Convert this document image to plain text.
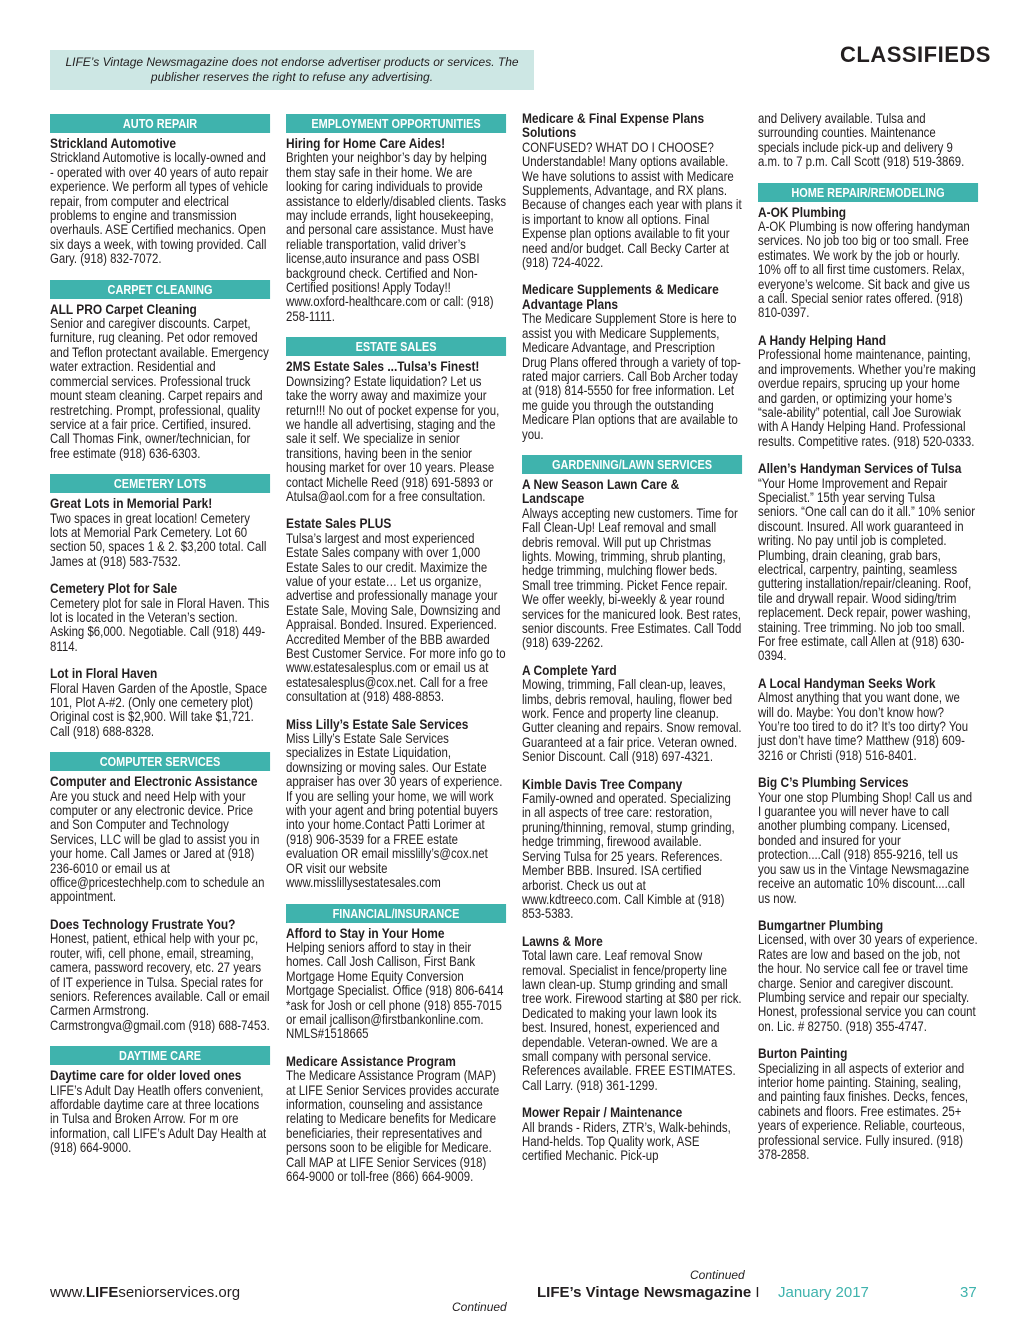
LIFE’s Vintage Newsmagazine does not endorse advertiser products or services. The publisher reserves the right to refuse any advertising.
CLASSIFIEDS
AUTO REPAIR
Strickland Automotive
Strickland Automotive is locally-owned and - operated with over 40 years of auto repair experience. We perform all types of vehicle repair, from computer and electrical problems to engine and transmission overhauls. ASE Certified mechanics. Open six days a week, with towing provided. Call Gary. (918) 832-7072.
CARPET CLEANING
ALL PRO Carpet Cleaning
Senior and caregiver discounts. Carpet, furniture, rug cleaning. Pet odor removed and Teflon protectant available. Emergency water extraction. Residential and commercial services. Professional truck mount steam cleaning. Carpet repairs and restretching. Prompt, professional, quality service at a fair price. Certified, insured. Call Thomas Fink, owner/technician, for free estimate (918) 636-6303.
CEMETERY LOTS
Great Lots in Memorial Park!
Two spaces in great location! Cemetery lots at Memorial Park Cemetery. Lot 60 section 50, spaces 1 & 2. $3,200 total. Call James at (918) 583-7532.
Cemetery Plot for Sale
Cemetery plot for sale in Floral Haven. This lot is located in the Veteran’s section. Asking $6,000. Negotiable. Call (918) 449-8114.
Lot in Floral Haven
Floral Haven Garden of the Apostle, Space 101, Plot A-#2. (Only one cemetery plot) Original cost is $2,900. Will take $1,721. Call (918) 688-8328.
COMPUTER SERVICES
Computer and Electronic Assistance
Are you stuck and need Help with your computer or any electronic device. Price and Son Computer and Technology Services, LLC will be glad to assist you in your home. Call James or Jared at (918) 236-6010 or email us at office@pricestechhelp.com to schedule an appointment.
Does Technology Frustrate You?
Honest, patient, ethical help with your pc, router, wifi, cell phone, email, streaming, camera, password recovery, etc. 27 years of IT experience in Tulsa. Special rates for seniors. References available. Call or email Carmen Armstrong. Carmstrongva@gmail.com (918) 688-7453.
DAYTIME CARE
Daytime care for older loved ones
LIFE’s Adult Day Heatlh offers convenient, affordable daytime care at three locations in Tulsa and Broken Arrow. For m ore information, call LIFE’s Adult Day Health at (918) 664-9000.
EMPLOYMENT OPPORTUNITIES
Hiring for Home Care Aides!
Brighten your neighbor’s day by helping them stay safe in their home. We are looking for caring individuals to provide assistance to elderly/disabled clients. Tasks may include errands, light housekeeping, and personal care assistance. Must have reliable transportation, valid driver’s license,auto insurance and pass OSBI background check. Certified and Non-Certified positions! Apply Today!! www.oxford-healthcare.com or call: (918) 258-1111.
ESTATE SALES
2MS Estate Sales ...Tulsa’s Finest!
Downsizing? Estate liquidation? Let us take the worry away and maximize your return!!! No out of pocket expense for you, we handle all advertising, staging and the sale it self. We specialize in senior transitions, having been in the senior housing market for over 10 years. Please contact Michelle Reed (918) 691-5893 or Atulsa@aol.com for a free consultation.
Estate Sales PLUS
Tulsa’s largest and most experienced Estate Sales company with over 1,000 Estate Sales to our credit. Maximize the value of your estate… Let us organize, advertise and professionally manage your Estate Sale, Moving Sale, Downsizing and Appraisal. Bonded. Insured. Experienced. Accredited Member of the BBB awarded Best Customer Service. For more info go to www.estatesalesplus.com or email us at estatesalesplus@cox.net. Call for a free consultation at (918) 488-8853.
Miss Lilly’s Estate Sale Services
Miss Lilly’s Estate Sale Services specializes in Estate Liquidation, downsizing or moving sales. Our Estate appraiser has over 30 years of experience. If you are selling your home, we will work with your agent and bring potential buyers into your home.Contact Patti Lorimer at (918) 906-3539 for a FREE estate evaluation OR email misslilly’s@cox.net OR visit our website www.misslillysestatesales.com
FINANCIAL/INSURANCE
Afford to Stay in Your Home
Helping seniors afford to stay in their homes. Call Josh Callison, First Bank Mortgage Home Equity Conversion Mortgage Specialist. Office (918) 806-6414 *ask for Josh or cell phone (918) 855-7015 or email jcallison@firstbankonline.com. NMLS#1518665
Medicare Assistance Program
The Medicare Assistance Program (MAP) at LIFE Senior Services provides accurate information, counseling and assistance relating to Medicare benefits for Medicare beneficiaries, their representatives and persons soon to be eligible for Medicare. Call MAP at LIFE Senior Services (918) 664-9000 or toll-free (866) 664-9009.
Medicare & Final Expense Plans Solutions
CONFUSED? WHAT DO I CHOOSE? Understandable! Many options available. We have solutions to assist with Medicare Supplements, Advantage, and RX plans. Because of changes each year with plans it is important to know all options. Final Expense plan options available to fit your need and/or budget. Call Becky Carter at (918) 724-4022.
Medicare Supplements & Medicare Advantage Plans
The Medicare Supplement Store is here to assist you with Medicare Supplements, Medicare Advantage, and Prescription Drug Plans offered through a variety of top-rated major carriers. Call Bob Archer today at (918) 814-5550 for free information. Let me guide you through the outstanding Medicare Plan options that are available to you.
GARDENING/LAWN SERVICES
A New Season Lawn Care & Landscape
Always accepting new customers. Time for Fall Clean-Up! Leaf removal and small debris removal. Will put up Christmas lights. Mowing, trimming, shrub planting, hedge trimming, mulching flower beds. Small tree trimming. Picket Fence repair. We offer weekly, bi-weekly & year round services for the manicured look. Best rates, senior discounts. Free Estimates. Call Todd (918) 639-2262.
A Complete Yard
Mowing, trimming, Fall clean-up, leaves, limbs, debris removal, hauling, flower bed work. Fence and property line cleanup. Gutter cleaning and repairs. Snow removal. Guaranteed at a fair price. Veteran owned. Senior Discount. Call (918) 697-4321.
Kimble Davis Tree Company
Family-owned and operated. Specializing in all aspects of tree care: restoration, pruning/thinning, removal, stump grinding, hedge trimming, firewood available. Serving Tulsa for 25 years. References. Member BBB. Insured. ISA certified arborist. Check us out at www.kdtreeco.com. Call Kimble at (918) 853-5383.
Lawns & More
Total lawn care. Leaf removal Snow removal. Specialist in fence/property line lawn clean-up. Stump grinding and small tree work. Firewood starting at $80 per rick. Dedicated to making your lawn look its best. Insured, honest, experienced and dependable. Veteran-owned. We are a small company with personal service. References available. FREE ESTIMATES. Call Larry. (918) 361-1299.
Mower Repair / Maintenance
All brands - Riders, ZTR’s, Walk-behinds, Hand-helds. Top Quality work, ASE certified Mechanic. Pick-up
and Delivery available. Tulsa and surrounding counties. Maintenance specials include pick-up and delivery 9 a.m. to 7 p.m. Call Scott (918) 519-3869.
HOME REPAIR/REMODELING
A-OK Plumbing
A-OK Plumbing is now offering handyman services. No job too big or too small. Free estimates. We work by the job or hourly. 10% off to all first time customers. Relax, everyone’s welcome. Sit back and give us a call. Special senior rates offered. (918) 810-0397.
A Handy Helping Hand
Professional home maintenance, painting, and improvements. Whether you’re making overdue repairs, sprucing up your home and garden, or optimizing your home’s “sale-ability” potential, call Joe Surowiak with A Handy Helping Hand. Professional results. Competitive rates. (918) 520-0333.
Allen’s Handyman Services of Tulsa
“Your Home Improvement and Repair Specialist.” 15th year serving Tulsa seniors. “One call can do it all.” 10% senior discount. Insured. All work guaranteed in writing. No pay until job is completed. Plumbing, drain cleaning, grab bars, electrical, carpentry, painting, seamless guttering installation/repair/cleaning. Roof, tile and drywall repair. Wood siding/trim replacement. Deck repair, power washing, staining. Tree trimming. No job too small. For free estimate, call Allen at (918) 630-0394.
A Local Handyman Seeks Work
Almost anything that you want done, we will do. Maybe: You don’t know how? You’re too tired to do it? It’s too dirty? You just don’t have time? Matthew (918) 609-3216 or Christi (918) 516-8401.
Big C’s Plumbing Services
Your one stop Plumbing Shop! Call us and I guarantee you will never have to call another plumbing company. Licensed, bonded and insured for your protection....Call (918) 855-9216, tell us you saw us in the Vintage Newsmagazine receive an automatic 10% discount....call us now.
Bumgartner Plumbing
Licensed, with over 30 years of experience. Rates are low and based on the job, not the hour. No service call fee or travel time charge. Senior and caregiver discount. Plumbing service and repair our specialty. Honest, professional service you can count on. Lic. # 82750. (918) 355-4747.
Burton Painting
Specializing in all aspects of exterior and interior home painting. Staining, sealing, and painting faux finishes. Decks, fences, cabinets and floors. Free estimates. 25+ years of experience. Reliable, courteous, professional service. Fully insured. (918) 378-2858.
Continued
Continued
www.LIFEseniorservices.org	LIFE’s Vintage Newsmagazine I January 2017	37
